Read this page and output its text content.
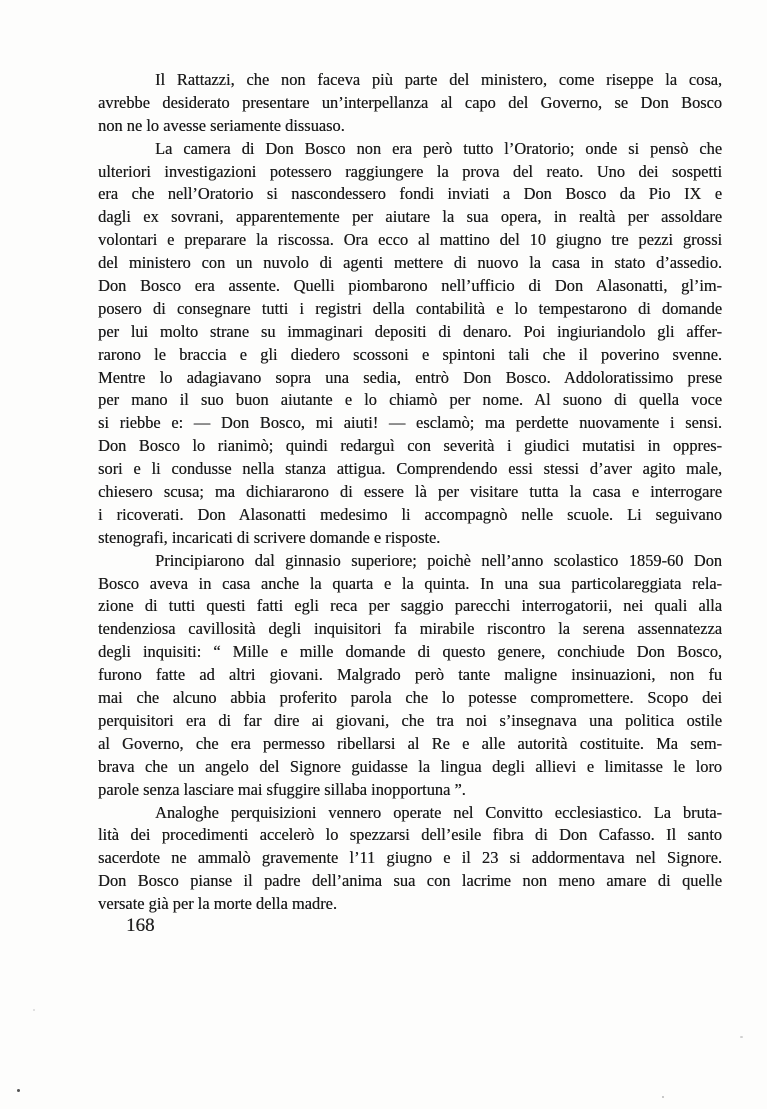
Il Rattazzi, che non faceva più parte del ministero, come riseppe la cosa,
avrebbe desiderato presentare un’interpellanza al capo del Governo, se Don Bosco
non ne lo avesse seriamente dissuaso.
La camera di Don Bosco non era però tutto l’Oratorio; onde si pensò che
ulteriori investigazioni potessero raggiungere la prova del reato. Uno dei sospetti
era che nell’Oratorio si nascondessero fondi inviati a Don Bosco da Pio IX e
dagli ex sovrani, apparentemente per aiutare la sua opera, in realtà per assoldare
volontari e preparare la riscossa. Ora ecco al mattino del 10 giugno tre pezzi grossi
del ministero con un nuvolo di agenti mettere di nuovo la casa in stato d’assedio.
Don Bosco era assente. Quelli piombarono nell’ufficio di Don Alasonatti, gl’im-
posero di consegnare tutti i registri della contabilità e lo tempestarono di domande
per lui molto strane su immaginari depositi di denaro. Poi ingiuriandolo gli affer-
rarono le braccia e gli diedero scossoni e spintoni tali che il poverino svenne.
Mentre lo adagiavano sopra una sedia, entrò Don Bosco. Addoloratissimo prese
per mano il suo buon aiutante e lo chiamò per nome. Al suono di quella voce
si riebbe e: — Don Bosco, mi aiuti! — esclamò; ma perdette nuovamente i sensi.
Don Bosco lo rianimò; quindi redarguì con severità i giudici mutatisi in oppres-
sori e li condusse nella stanza attigua. Comprendendo essi stessi d’aver agito male,
chiesero scusa; ma dichiararono di essere là per visitare tutta la casa e interrogare
i ricoverati. Don Alasonatti medesimo li accompagnò nelle scuole. Li seguivano
stenografi, incaricati di scrivere domande e risposte.
Principiarono dal ginnasio superiore; poichè nell’anno scolastico 1859-60 Don
Bosco aveva in casa anche la quarta e la quinta. In una sua particolareggiata rela-
zione di tutti questi fatti egli reca per saggio parecchi interrogatorii, nei quali alla
tendenziosa cavillosità degli inquisitori fa mirabile riscontro la serena assennatezza
degli inquisiti: “ Mille e mille domande di questo genere, conchiude Don Bosco,
furono fatte ad altri giovani. Malgrado però tante maligne insinuazioni, non fu
mai che alcuno abbia proferito parola che lo potesse compromettere. Scopo dei
perquisitori era di far dire ai giovani, che tra noi s’insegnava una politica ostile
al Governo, che era permesso ribellarsi al Re e alle autorità costituite. Ma sem-
brava che un angelo del Signore guidasse la lingua degli allievi e limitasse le loro
parole senza lasciare mai sfuggire sillaba inopportuna ”.
Analoghe perquisizioni vennero operate nel Convitto ecclesiastico. La bruta-
lità dei procedimenti accelerò lo spezzarsi dell’esile fibra di Don Cafasso. Il santo
sacerdote ne ammalò gravemente l’11 giugno e il 23 si addormentava nel Signore.
Don Bosco pianse il padre dell’anima sua con lacrime non meno amare di quelle
versate già per la morte della madre.
168
